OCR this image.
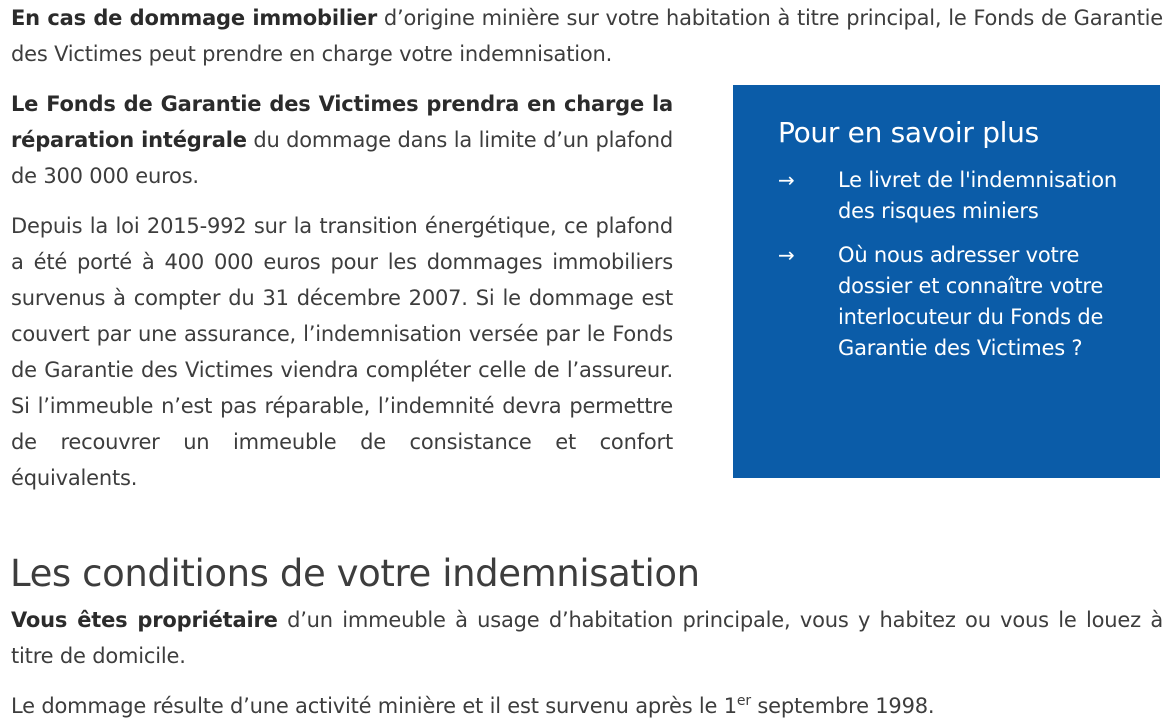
En cas de dommage immobilier d’origine minière sur votre habitation à titre principal, le Fonds de Garantie des Victimes peut prendre en charge votre indemnisation.

Le Fonds de Garantie des Victimes prendra en charge la réparation intégrale du dommage dans la limite d’un plafond de 300 000 euros.

Depuis la loi 2015-992 sur la transition énergétique, ce plafond a été porté à 400 000 euros pour les dommages immobiliers survenus à compter du 31 décembre 2007. Si le dommage est couvert par une assurance, l’indemnisation versée par le Fonds de Garantie des Victimes viendra compléter celle de l’assureur. Si l’immeuble n’est pas réparable, l’indemnité devra permettre de recouvrer un immeuble de consistance et confort équivalents.

Pour en savoir plus
→	Le livret de l'indemnisation des risques miniers
→	Où nous adresser votre dossier et connaître votre interlocuteur du Fonds de Garantie des Victimes ?
Les conditions de votre indemnisation

Vous êtes propriétaire d’un immeuble à usage d’habitation principale, vous y habitez ou vous le louez à titre de domicile.

Le dommage résulte d’une activité minière et il est survenu après le 1er septembre 1998.
